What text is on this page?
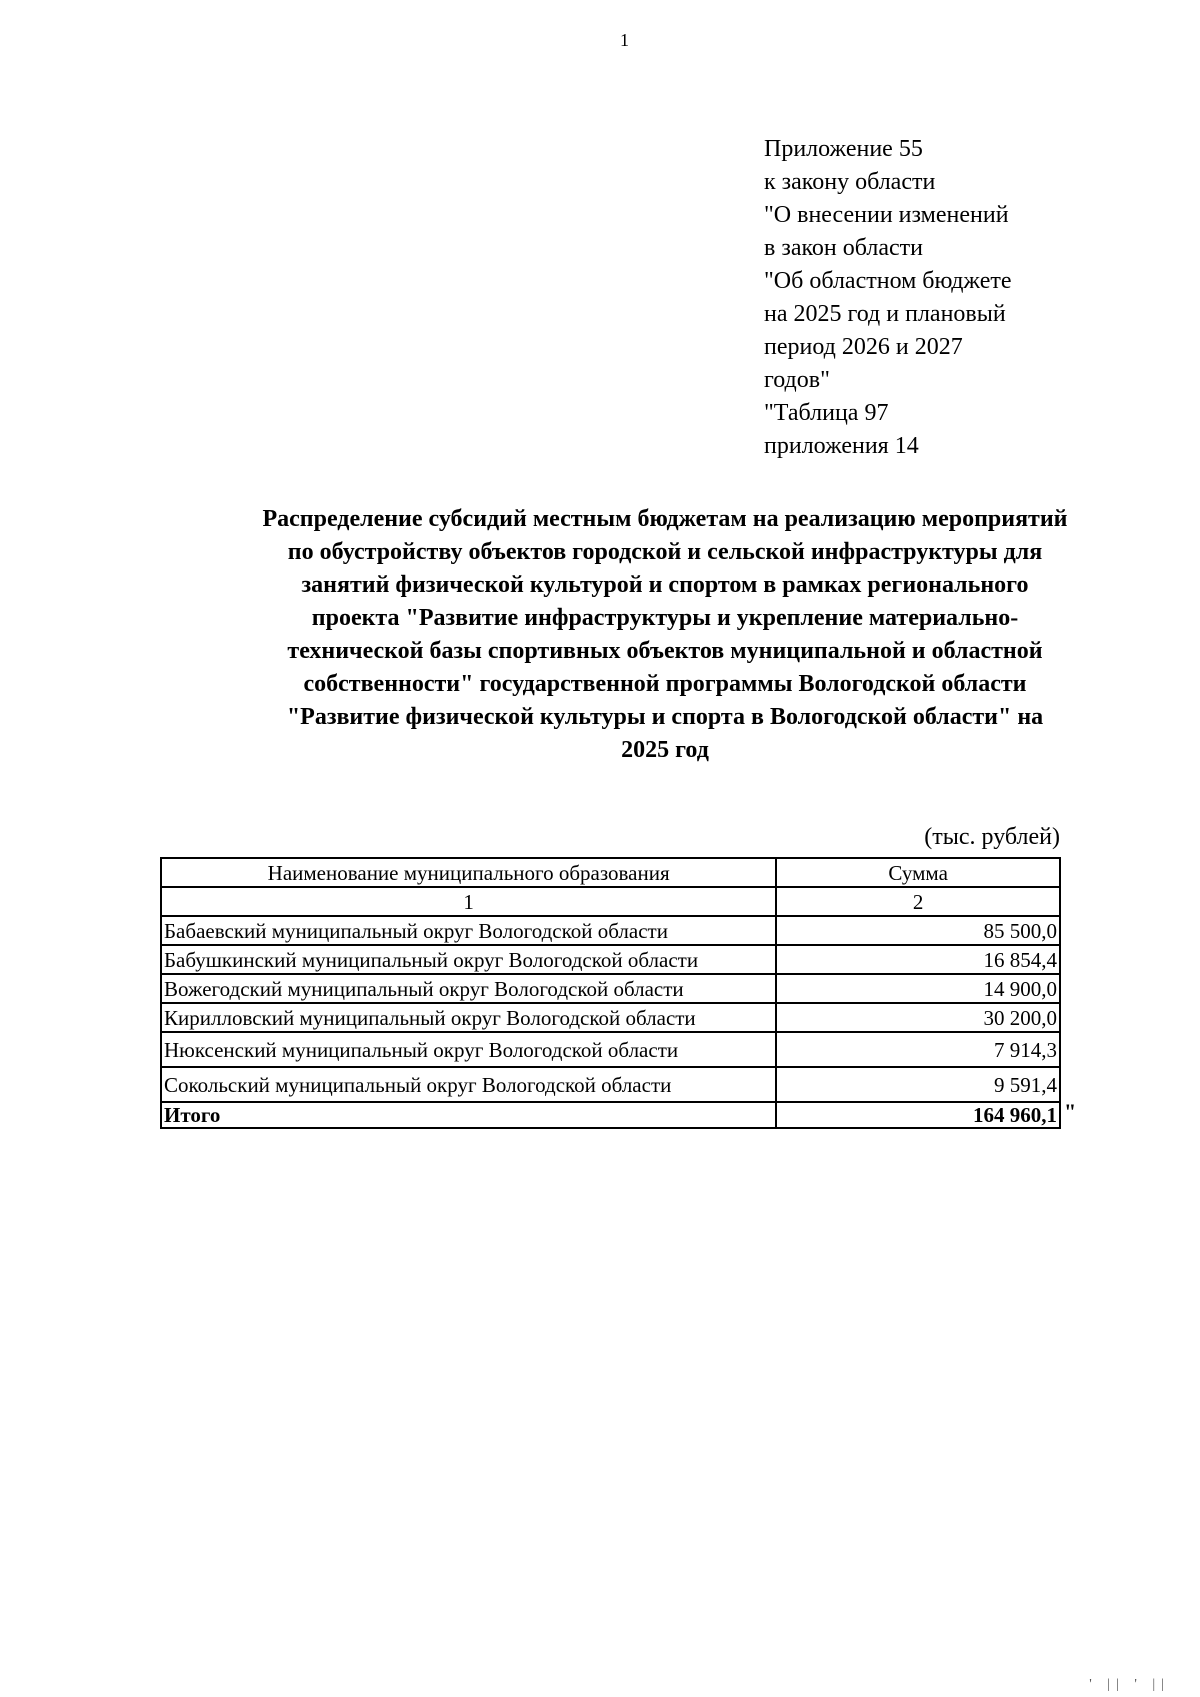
1
Приложение 55
к закону области
"О внесении изменений
в закон области
"Об областном бюджете
на 2025 год и плановый
период 2026 и 2027
годов"
"Таблица 97
приложения 14
Распределение субсидий местным бюджетам на реализацию мероприятий
по обустройству объектов городской и сельской инфраструктуры для
занятий физической культурой и спортом в рамках регионального
проекта "Развитие инфраструктуры и укрепление материально-
технической базы спортивных объектов муниципальной и областной
собственности" государственной программы Вологодской области
"Развитие физической культуры и спорта в Вологодской области" на
2025 год
(тыс. рублей)
Наименование муниципального образования	Сумма
1	2
Бабаевский муниципальный округ Вологодской области	85 500,0
Бабушкинский муниципальный округ Вологодской области	16 854,4
Вожегодский муниципальный округ Вологодской области	14 900,0
Кирилловский муниципальный округ Вологодской области	30 200,0
Нюксенский муниципальный округ Вологодской области	7 914,3
Сокольский муниципальный округ Вологодской области	9 591,4
Итого	164 960,1 "
' || ' ||
